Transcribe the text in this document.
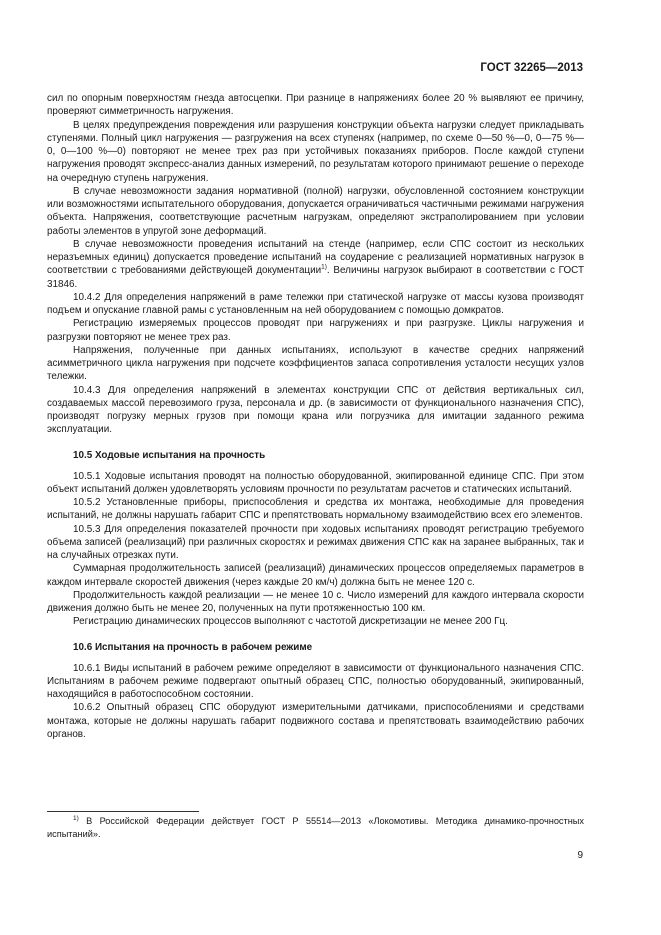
ГОСТ 32265—2013

сил по опорным поверхностям гнезда автосцепки. При разнице в напряжениях более 20 % выявляют ее причину, проверяют симметричность нагружения.

В целях предупреждения повреждения или разрушения конструкции объекта нагрузки следует прикладывать ступенями. Полный цикл нагружения — разгружения на всех ступенях (например, по схеме 0—50 %—0, 0—75 %—0, 0—100 %—0) повторяют не менее трех раз при устойчивых показаниях приборов. После каждой ступени нагружения проводят экспресс-анализ данных измерений, по результатам которого принимают решение о переходе на очередную ступень нагружения.

В случае невозможности задания нормативной (полной) нагрузки, обусловленной состоянием конструкции или возможностями испытательного оборудования, допускается ограничиваться частичными режимами нагружения объекта. Напряжения, соответствующие расчетным нагрузкам, определяют экстраполированием при условии работы элементов в упругой зоне деформаций.

В случае невозможности проведения испытаний на стенде (например, если СПС состоит из нескольких неразъемных единиц) допускается проведение испытаний на соударение с реализацией нормативных нагрузок в соответствии с требованиями действующей документации$^{1)}$. Величины нагрузок выбирают в соответствии с ГОСТ 31846.

10.4.2 Для определения напряжений в раме тележки при статической нагрузке от массы кузова производят подъем и опускание главной рамы с установленным на ней оборудованием с помощью домкратов.

Регистрацию измеряемых процессов проводят при нагружениях и при разгрузке. Циклы нагружения и разгрузки повторяют не менее трех раз.

Напряжения, полученные при данных испытаниях, используют в качестве средних напряжений асимметричного цикла нагружения при подсчете коэффициентов запаса сопротивления усталости несущих узлов тележки.

10.4.3 Для определения напряжений в элементах конструкции СПС от действия вертикальных сил, создаваемых массой перевозимого груза, персонала и др. (в зависимости от функционального назначения СПС), производят погрузку мерных грузов при помощи крана или погрузчика для имитации заданного режима эксплуатации.

10.5 Ходовые испытания на прочность

10.5.1 Ходовые испытания проводят на полностью оборудованной, экипированной единице СПС. При этом объект испытаний должен удовлетворять условиям прочности по результатам расчетов и статических испытаний.

10.5.2 Установленные приборы, приспособления и средства их монтажа, необходимые для проведения испытаний, не должны нарушать габарит СПС и препятствовать нормальному взаимодействию всех его элементов.

10.5.3 Для определения показателей прочности при ходовых испытаниях проводят регистрацию требуемого объема записей (реализаций) при различных скоростях и режимах движения СПС как на заранее выбранных, так и на случайных отрезках пути.

Суммарная продолжительность записей (реализаций) динамических процессов определяемых параметров в каждом интервале скоростей движения (через каждые 20 км/ч) должна быть не менее 120 с.

Продолжительность каждой реализации — не менее 10 с. Число измерений для каждого интервала скорости движения должно быть не менее 20, полученных на пути протяженностью 100 км.

Регистрацию динамических процессов выполняют с частотой дискретизации не менее 200 Гц.

10.6 Испытания на прочность в рабочем режиме

10.6.1 Виды испытаний в рабочем режиме определяют в зависимости от функционального назначения СПС. Испытаниям в рабочем режиме подвергают опытный образец СПС, полностью оборудованный, экипированный, находящийся в работоспособном состоянии.

10.6.2 Опытный образец СПС оборудуют измерительными датчиками, приспособлениями и средствами монтажа, которые не должны нарушать габарит подвижного состава и препятствовать взаимодействию рабочих органов.

$^{1)}$ В Российской Федерации действует ГОСТ Р 55514—2013 «Локомотивы. Методика динамико-прочностных испытаний».
9
